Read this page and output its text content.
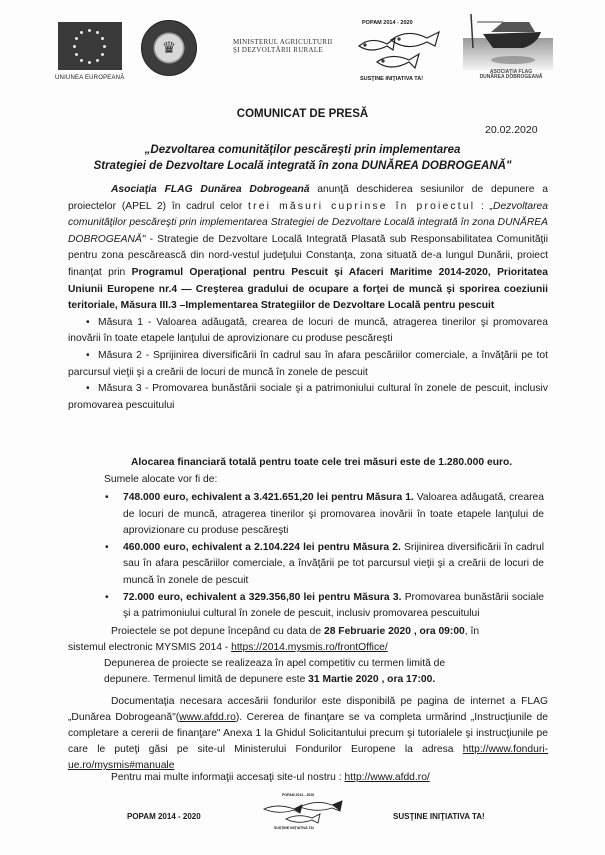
UNIUNEA EUROPEANĂ
♛	MINISTERUL AGRICULTURII
ŞI DEZVOLTĂRII RURALE
POPAM 2014 - 2020
SUSŢINE INIŢIATIVA TA!
ASOCIAŢIA FLAG
DUNĂREA DOBROGEANĂ
COMUNICAT DE PRESĂ
20.02.2020
„Dezvoltarea comunităţilor pescăreşti prin implementarea
Strategiei de Dezvoltare Locală integrată în zona DUNĂREA DOBROGEANĂ"
Asociaţia FLAG Dunărea Dobrogeană anunţă deschiderea sesiunilor de depunere a proiectelor (APEL 2) în cadrul celor trei măsuri cuprinse în proiectul : „Dezvoltarea comunităţilor pescăreşti prin implementarea Strategiei de Dezvoltare Locală integrată în zona DUNĂREA DOBROGEANĂ" - Strategie de Dezvoltare Locală Integrată Plasată sub Responsabilitatea Comunităţii pentru zona pescărească din nord-vestul judeţului Constanţa, zona situată de-a lungul Dunării, proiect finanţat prin Programul Operaţional pentru Pescuit şi Afaceri Maritime 2014-2020, Prioritatea Uniunii Europene nr.4 — Creşterea gradului de ocupare a forţei de muncă şi sporirea coeziunii teritoriale, Măsura III.3 –Implementarea Strategiilor de Dezvoltare Locală pentru pescuit
• Măsura 1 - Valoarea adăugată, crearea de locuri de muncă, atragerea tinerilor şi promovarea inovării în toate etapele lanţului de aprovizionare cu produse pescăreşti
• Măsura 2 - Sprijinirea diversificării în cadrul sau în afara pescăriilor comerciale, a învăţării pe tot parcursul vieţii şi a creării de locuri de muncă în zonele de pescuit
• Măsura 3 - Promovarea bunăstării sociale şi a patrimoniului cultural în zonele de pescuit, inclusiv promovarea pescuitului
Alocarea financiară totală pentru toate cele trei măsuri este de 1.280.000 euro.
Sumele alocate vor fi de:
• 748.000 euro, echivalent a 3.421.651,20 lei pentru Măsura 1. Valoarea adăugată, crearea de locuri de muncă, atragerea tinerilor şi promovarea inovării în toate etapele lanţului de aprovizionare cu produse pescăreşti
• 460.000 euro, echivalent a 2.104.224 lei pentru Măsura 2. Srijinirea diversificării în cadrul sau în afara pescăriilor comerciale, a învăţării pe tot parcursul vieţii şi a creării de locuri de muncă în zonele de pescuit
• 72.000 euro, echivalent a 329.356,80 lei pentru Măsura 3. Promovarea bunăstării sociale şi a patrimoniului cultural în zonele de pescuit, inclusiv promovarea pescuitului
Proiectele se pot depune începând cu data de 28 Februarie 2020 , ora 09:00, în
sistemul electronic MYSMIS 2014 - https://2014.mysmis.ro/frontOffice/
Depunerea de proiecte se realizeaza în apel competitiv cu termen limită de
depunere. Termenul limită de depunere este 31 Martie 2020 , ora 17:00.
Documentaţia necesara accesării fondurilor este disponibilă pe pagina de internet a FLAG „Dunărea Dobrogeană"(www.afdd.ro). Cererea de finanţare se va completa urmărind „Instrucţiunile de completare a cererii de finanţare" Anexa 1 la Ghidul Solicitantului precum şi tutorialele şi instrucţiunile pe care le puteţi găsi pe site-ul Ministerului Fondurilor Europene la adresa http://www.fonduri-ue.ro/mysmis#manuale
Pentru mai multe informaţii accesaţi site-ul nostru : http://www.afdd.ro/
POPAM 2014 - 2020
POPAM 2014 - 2020
SUSŢINE INIŢIATIVA TA!
SUSŢINE INIŢIATIVA TA!
